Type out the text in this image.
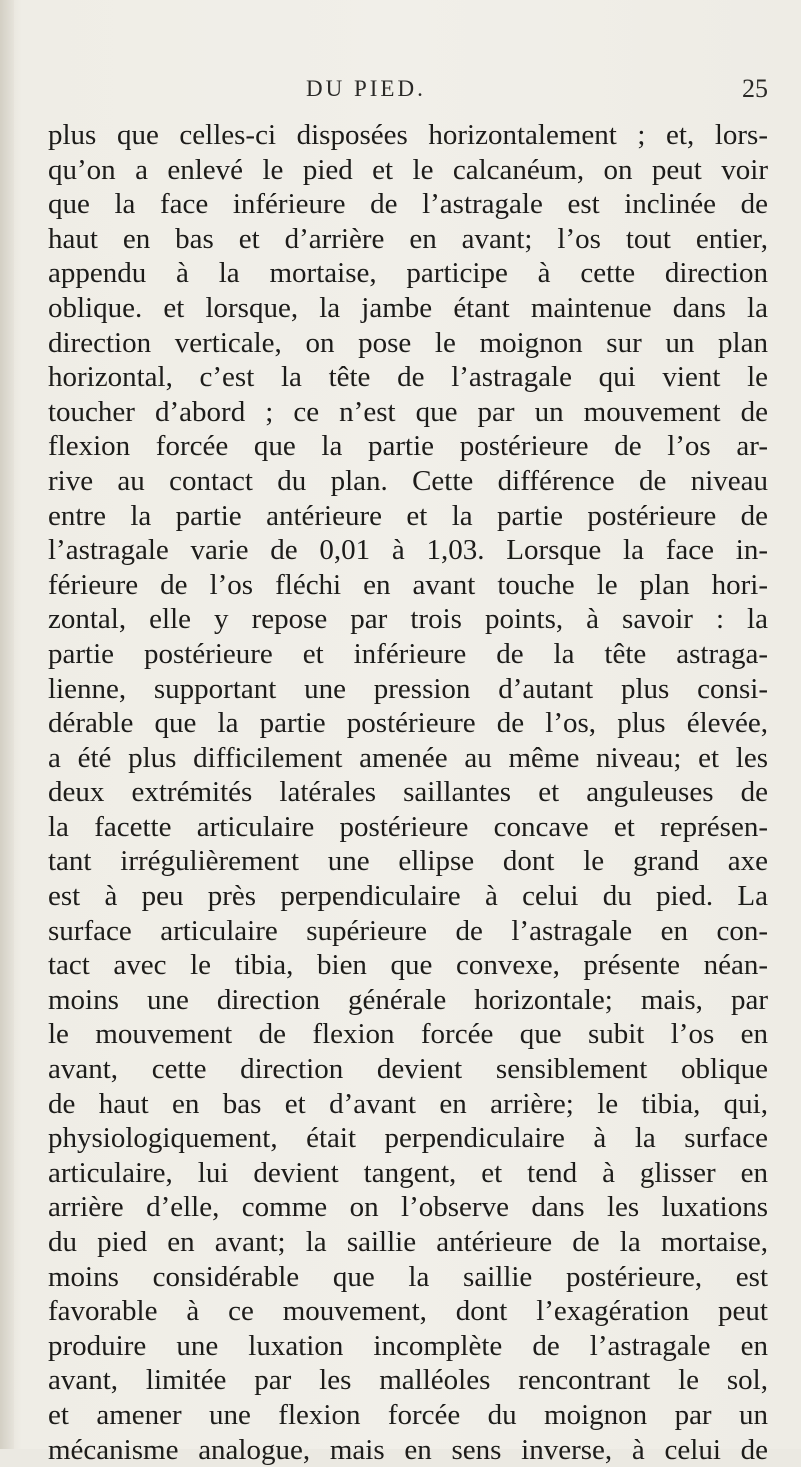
DU PIED.	25
plus que celles-ci disposées horizontalement ; et, lors-
qu’on a enlevé le pied et le calcanéum, on peut voir
que la face inférieure de l’astragale est inclinée de
haut en bas et d’arrière en avant; l’os tout entier,
appendu à la mortaise, participe à cette direction
oblique. et lorsque, la jambe étant maintenue dans la
direction verticale, on pose le moignon sur un plan
horizontal, c’est la tête de l’astragale qui vient le
toucher d’abord ; ce n’est que par un mouvement de
flexion forcée que la partie postérieure de l’os ar-
rive au contact du plan. Cette différence de niveau
entre la partie antérieure et la partie postérieure de
l’astragale varie de 0,01 à 1,03. Lorsque la face in-
férieure de l’os fléchi en avant touche le plan hori-
zontal, elle y repose par trois points, à savoir : la
partie postérieure et inférieure de la tête astraga-
lienne, supportant une pression d’autant plus consi-
dérable que la partie postérieure de l’os, plus élevée,
a été plus difficilement amenée au même niveau; et les
deux extrémités latérales saillantes et anguleuses de
la facette articulaire postérieure concave et représen-
tant irrégulièrement une ellipse dont le grand axe
est à peu près perpendiculaire à celui du pied. La
surface articulaire supérieure de l’astragale en con-
tact avec le tibia, bien que convexe, présente néan-
moins une direction générale horizontale; mais, par
le mouvement de flexion forcée que subit l’os en
avant, cette direction devient sensiblement oblique
de haut en bas et d’avant en arrière; le tibia, qui,
physiologiquement, était perpendiculaire à la surface
articulaire, lui devient tangent, et tend à glisser en
arrière d’elle, comme on l’observe dans les luxations
du pied en avant; la saillie antérieure de la mortaise,
moins considérable que la saillie postérieure, est
favorable à ce mouvement, dont l’exagération peut
produire une luxation incomplète de l’astragale en
avant, limitée par les malléoles rencontrant le sol,
et amener une flexion forcée du moignon par un
mécanisme analogue, mais en sens inverse, à celui de
